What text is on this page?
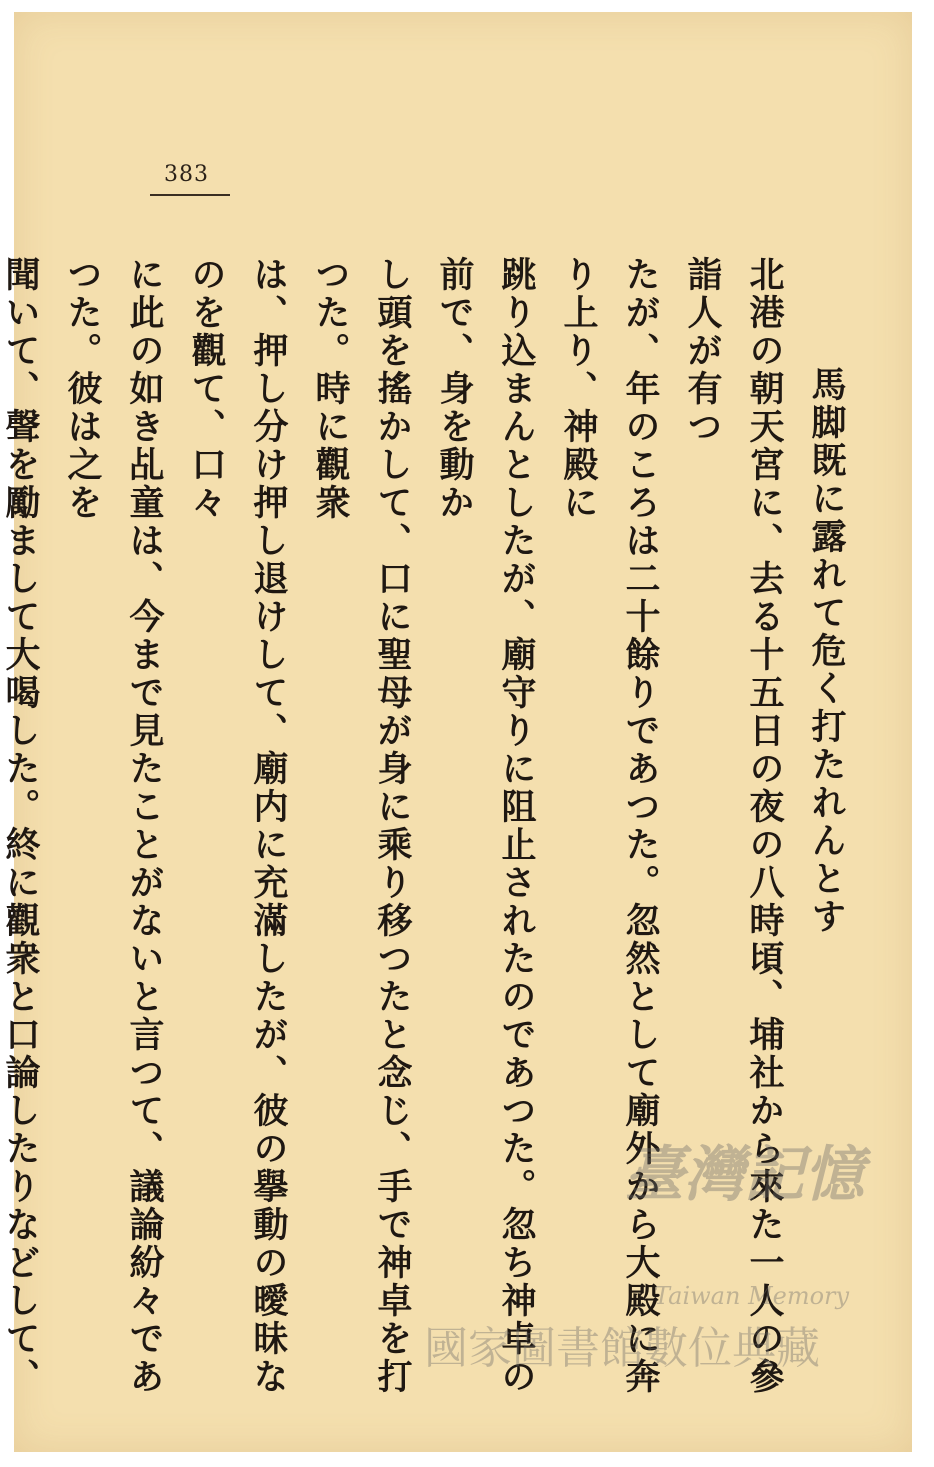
383
馬脚既に露れて危く打たれんとす
北港の朝天宮に、去る十五日の夜の八時頃、埔社から來た一人の參詣人が有つ
たが、年のころは二十餘りであつた。忽然として廟外から大殿に奔り上り、神殿に
跳り込まんとしたが、廟守りに阻止されたのであつた。忽ち神卓の前で、身を動か
し頭を搖かして、口に聖母が身に乘り移つたと念じ、手で神卓を打つた。時に觀衆
は、押し分け押し退けして、廟内に充滿したが、彼の擧動の曖昧なのを觀て、口々
に此の如き乩童は、今まで見たことがないと言つて、議論紛々であつた。彼は之を
聞いて、聲を勵まして大喝した。終に觀衆と口論したりなどして、
臺灣記憶
Taiwan Memory
國家圖書館數位典藏
